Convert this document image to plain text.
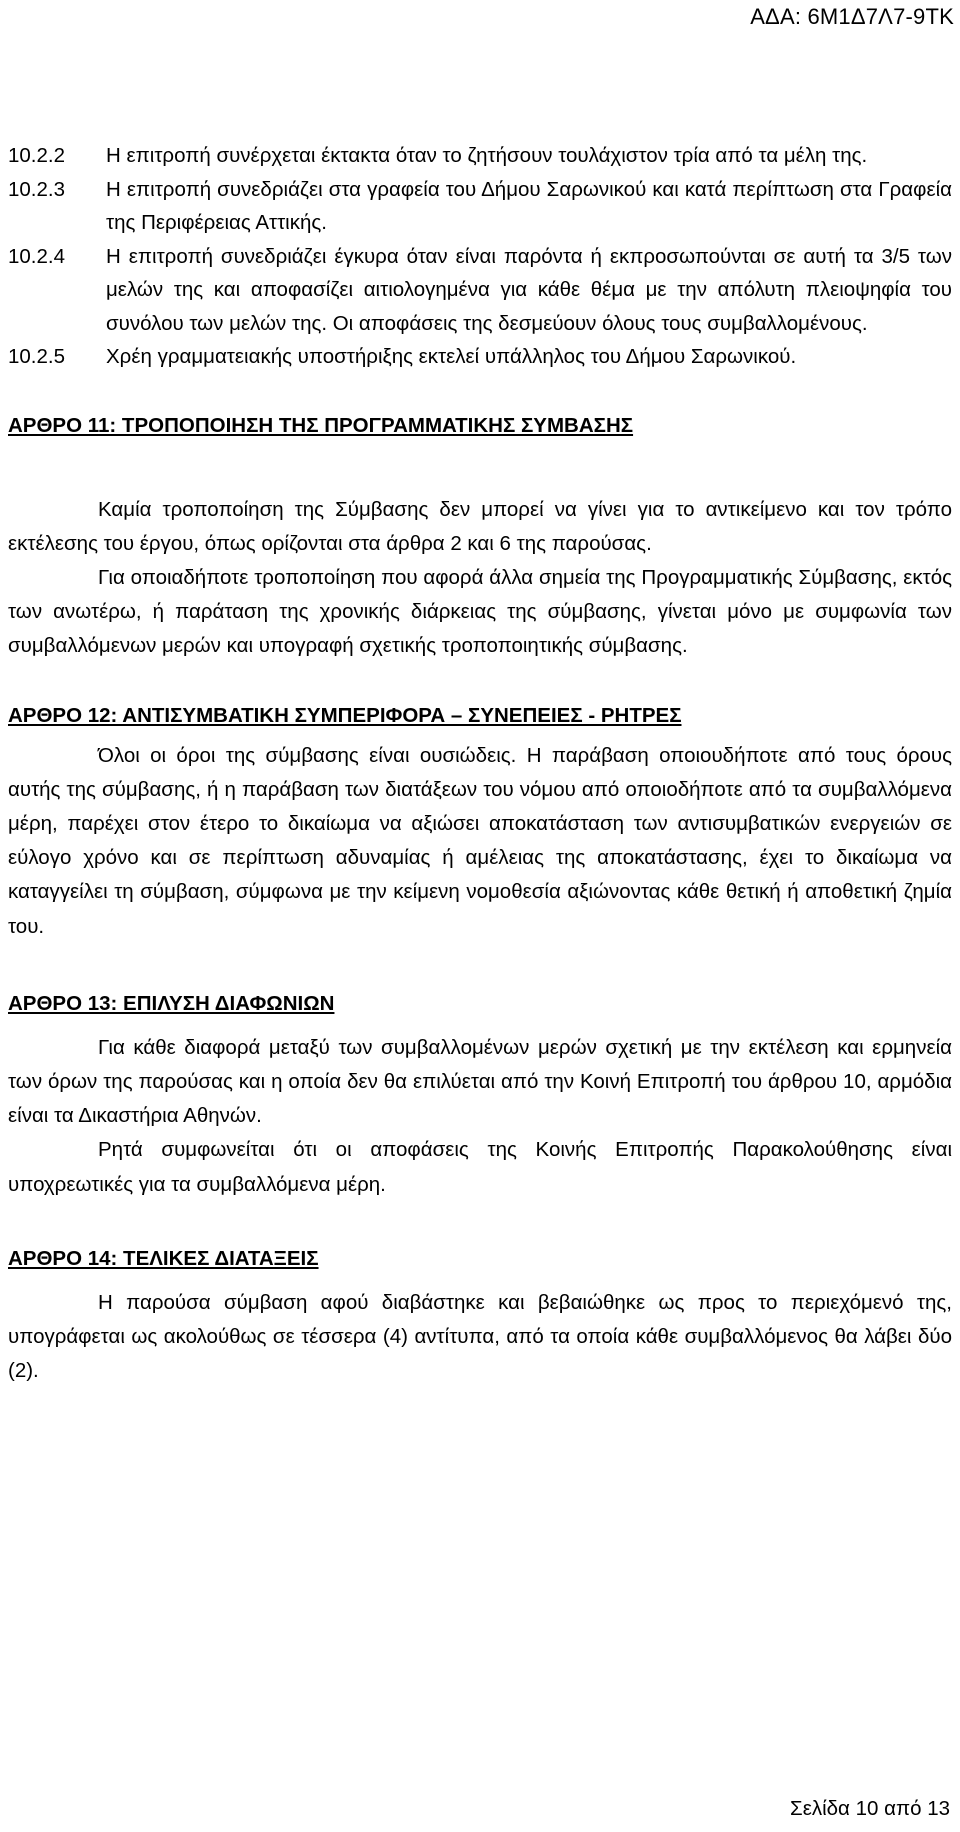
ΑΔΑ: 6Μ1Δ7Λ7-9ΤΚ
10.2.2 Η επιτροπή συνέρχεται έκτακτα όταν το ζητήσουν τουλάχιστον τρία από τα μέλη της.
10.2.3 Η επιτροπή συνεδριάζει στα γραφεία του Δήμου Σαρωνικού και κατά περίπτωση στα Γραφεία της Περιφέρειας Αττικής.
10.2.4 Η επιτροπή συνεδριάζει έγκυρα όταν είναι παρόντα ή εκπροσωπούνται σε αυτή τα 3/5 των μελών της και αποφασίζει αιτιολογημένα για κάθε θέμα με την απόλυτη πλειοψηφία του συνόλου των μελών της. Οι αποφάσεις της δεσμεύουν όλους τους συμβαλλομένους.
10.2.5 Χρέη γραμματειακής υποστήριξης εκτελεί υπάλληλος του Δήμου Σαρωνικού.
ΑΡΘΡΟ 11: ΤΡΟΠΟΠΟΙΗΣΗ ΤΗΣ ΠΡΟΓΡΑΜΜΑΤΙΚΗΣ ΣΥΜΒΑΣΗΣ

Καμία τροποποίηση της Σύμβασης δεν μπορεί να γίνει για το αντικείμενο και τον τρόπο εκτέλεσης του έργου, όπως ορίζονται στα άρθρα 2 και 6 της παρούσας.

Για οποιαδήποτε τροποποίηση που αφορά άλλα σημεία της Προγραμματικής Σύμβασης, εκτός των ανωτέρω, ή παράταση της χρονικής διάρκειας της σύμβασης, γίνεται μόνο με συμφωνία των συμβαλλόμενων μερών και υπογραφή σχετικής τροποποιητικής σύμβασης.

ΑΡΘΡΟ 12: ΑΝΤΙΣΥΜΒΑΤΙΚΗ ΣΥΜΠΕΡΙΦΟΡΑ – ΣΥΝΕΠΕΙΕΣ - ΡΗΤΡΕΣ

Όλοι οι όροι της σύμβασης είναι ουσιώδεις. Η παράβαση οποιουδήποτε από τους όρους αυτής της σύμβασης, ή η παράβαση των διατάξεων του νόμου από οποιοδήποτε από τα συμβαλλόμενα μέρη, παρέχει στον έτερο το δικαίωμα να αξιώσει αποκατάσταση των αντισυμβατικών ενεργειών σε εύλογο χρόνο και σε περίπτωση αδυναμίας ή αμέλειας της αποκατάστασης, έχει το δικαίωμα να καταγγείλει τη σύμβαση, σύμφωνα με την κείμενη νομοθεσία αξιώνοντας κάθε θετική ή αποθετική ζημία του.

ΑΡΘΡΟ 13: ΕΠΙΛΥΣΗ ΔΙΑΦΩΝΙΩΝ

Για κάθε διαφορά μεταξύ των συμβαλλομένων μερών σχετική με την εκτέλεση και ερμηνεία των όρων της παρούσας και η οποία δεν θα επιλύεται από την Κοινή Επιτροπή του άρθρου 10, αρμόδια είναι τα Δικαστήρια Αθηνών.

Ρητά συμφωνείται ότι οι αποφάσεις της Κοινής Επιτροπής Παρακολούθησης είναι υποχρεωτικές για τα συμβαλλόμενα μέρη.

ΑΡΘΡΟ 14: ΤΕΛΙΚΕΣ ΔΙΑΤΑΞΕΙΣ

Η παρούσα σύμβαση αφού διαβάστηκε και βεβαιώθηκε ως προς το περιεχόμενό της, υπογράφεται ως ακολούθως σε τέσσερα (4) αντίτυπα, από τα οποία κάθε συμβαλλόμενος θα λάβει δύο (2).

Σελίδα 10 από 13
